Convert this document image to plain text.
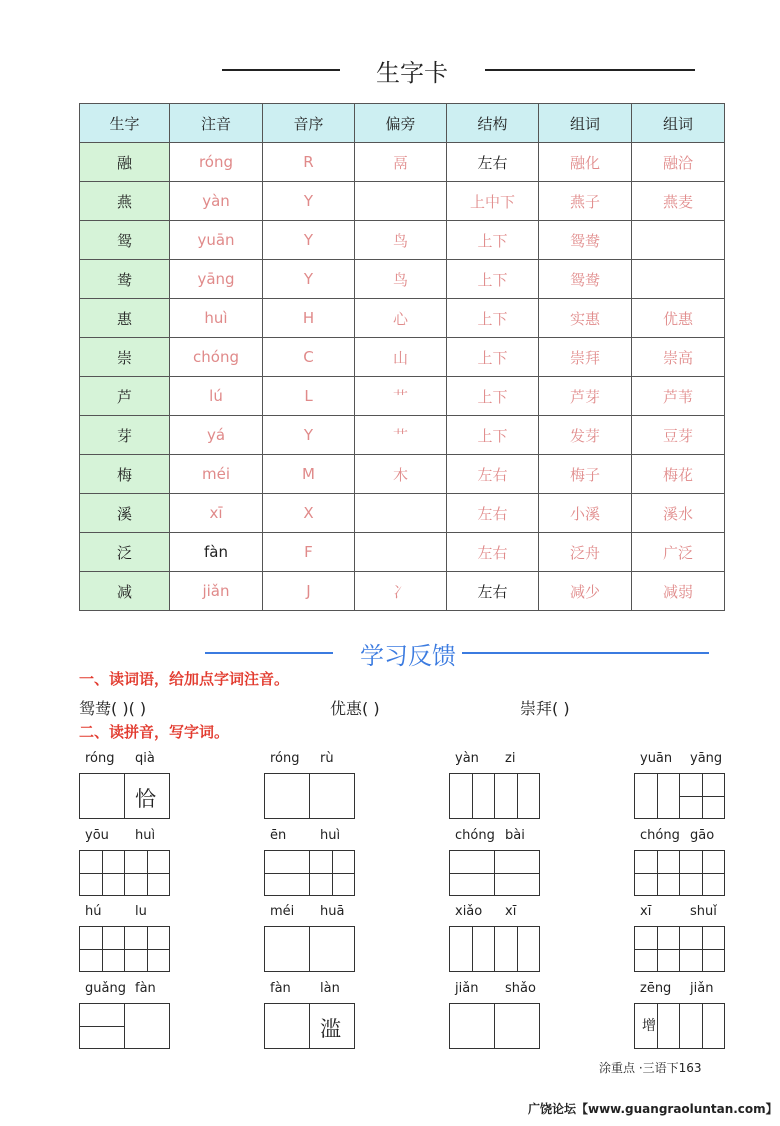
生字卡
生字	注音	音序	偏旁	结构	组词	组词
融	róng	R	鬲	左右	融化	融洽
燕	yàn	Y		上中下	燕子	燕麦
鸳	yuān	Y	鸟	上下	鸳鸯	
鸯	yāng	Y	鸟	上下	鸳鸯	
惠	huì	H	心	上下	实惠	优惠
崇	chóng	C	山	上下	崇拜	崇高
芦	lú	L	艹	上下	芦芽	芦苇
芽	yá	Y	艹	上下	发芽	豆芽
梅	méi	M	木	左右	梅子	梅花
溪	xī	X		左右	小溪	溪水
泛	fàn	F		左右	泛舟	广泛
减	jiǎn	J	冫	左右	减少	减弱
学习反馈
一、读词语，给加点字词注音。
鸳鸯( )( )	优惠( )	崇拜( )
二、读拼音，写字词。
róng qià
恰
róng rù	yàn zi	yuān yāng
yōu huì	ēn	huì	chóng bài	chóng gāo
hú	lu	méi huā	xiǎo xī	xī	shuǐ
guǎng fàn	fàn làn
滥
jiǎn shǎo	zēng jiǎn
增
涂重点 ·三语下163
广饶论坛【www.guangraoluntan.com】
